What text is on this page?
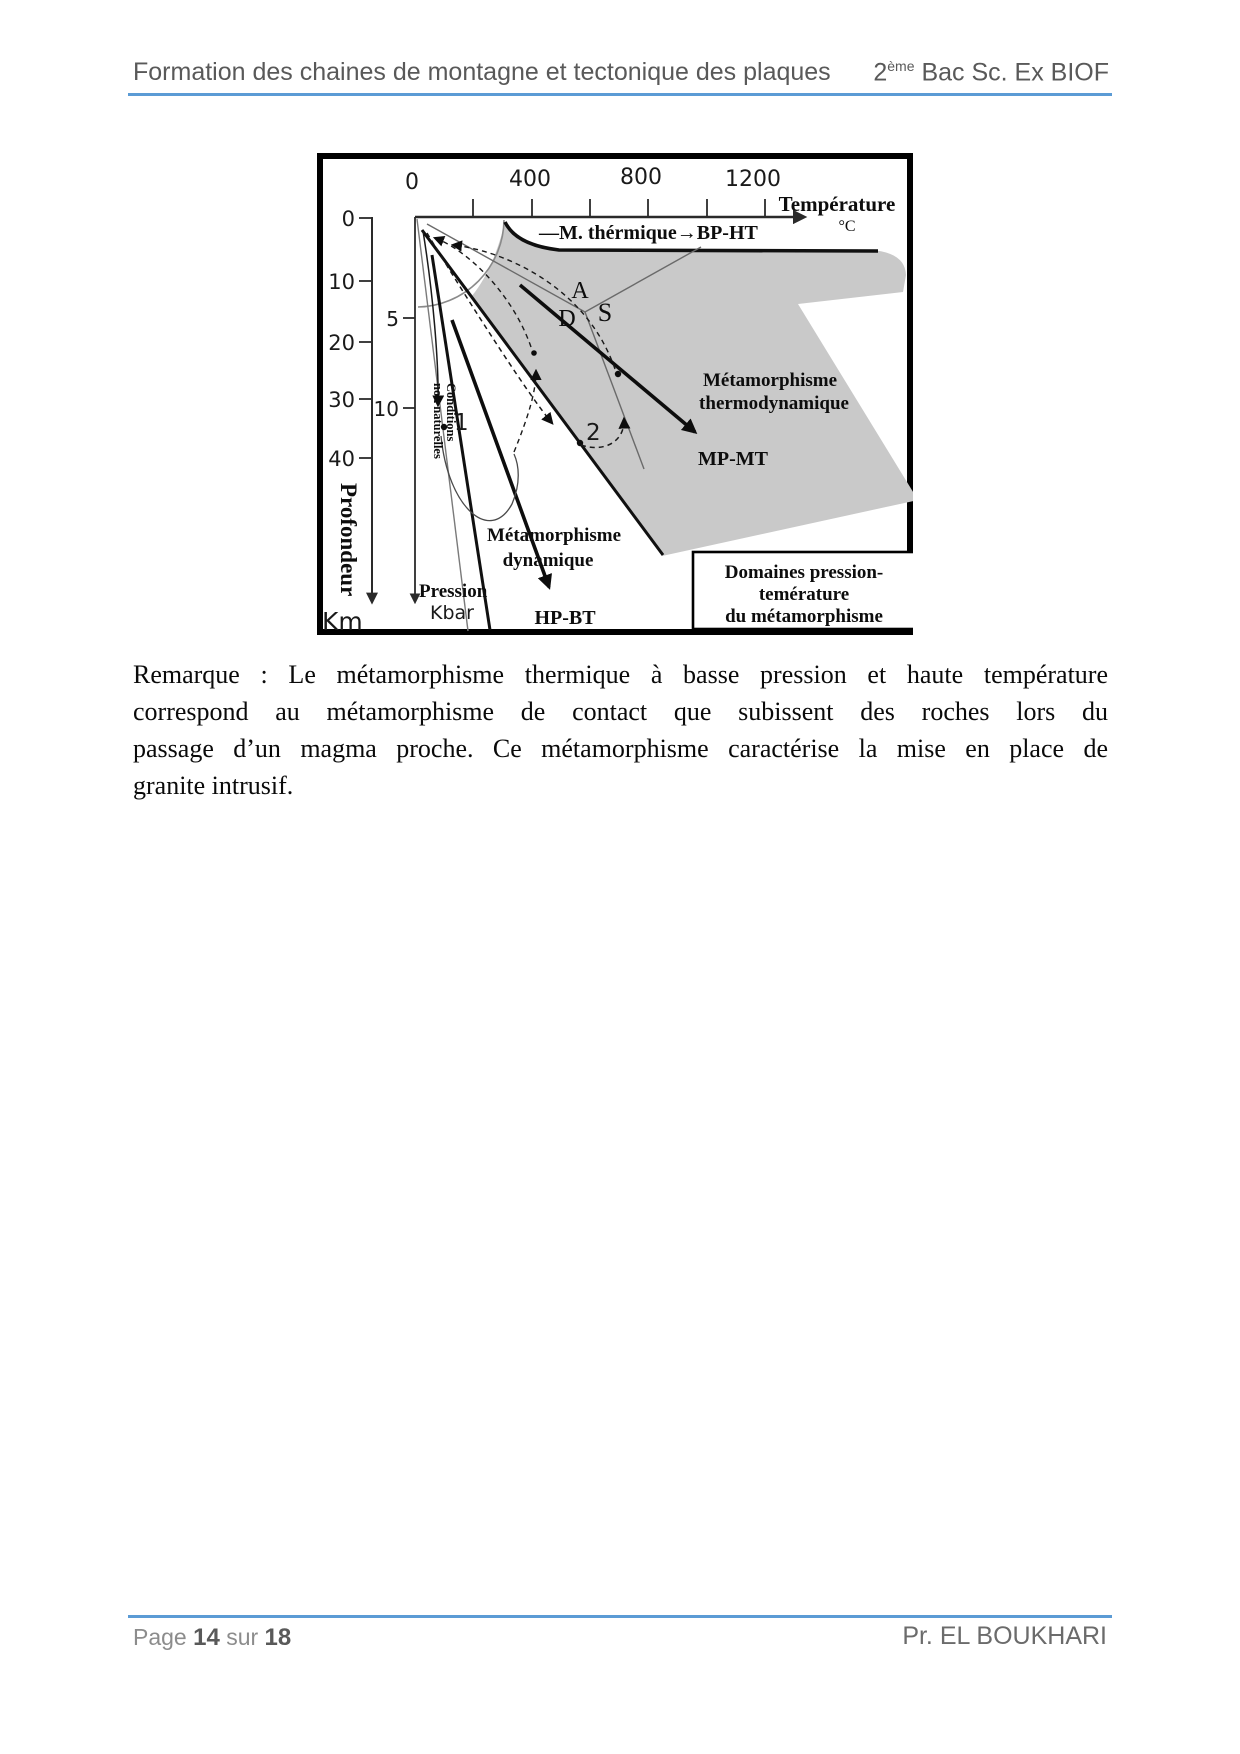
Formation des chaines de montagne et tectonique des plaques 2ème Bac Sc. Ex BIOF
0	400	800	1200
Température
°C
0
10
20
30
40
Profondeur
Km
5
10
Pression
Kbar
Conditions
non naturelles
—M. thérmique→BP-HT
A
S
D
Métamorphisme
thermodynamique
MP-MT
Métamorphisme
dynamique
HP-BT
1	2
Domaines pression-
temérature
du métamorphisme
Remarque : Le métamorphisme thermique à basse pression et haute température
correspond au métamorphisme de contact que subissent des roches lors du
passage d’un magma proche. Ce métamorphisme caractérise la mise en place de
granite intrusif.
Page 14 sur 18	Pr. EL BOUKHARI
